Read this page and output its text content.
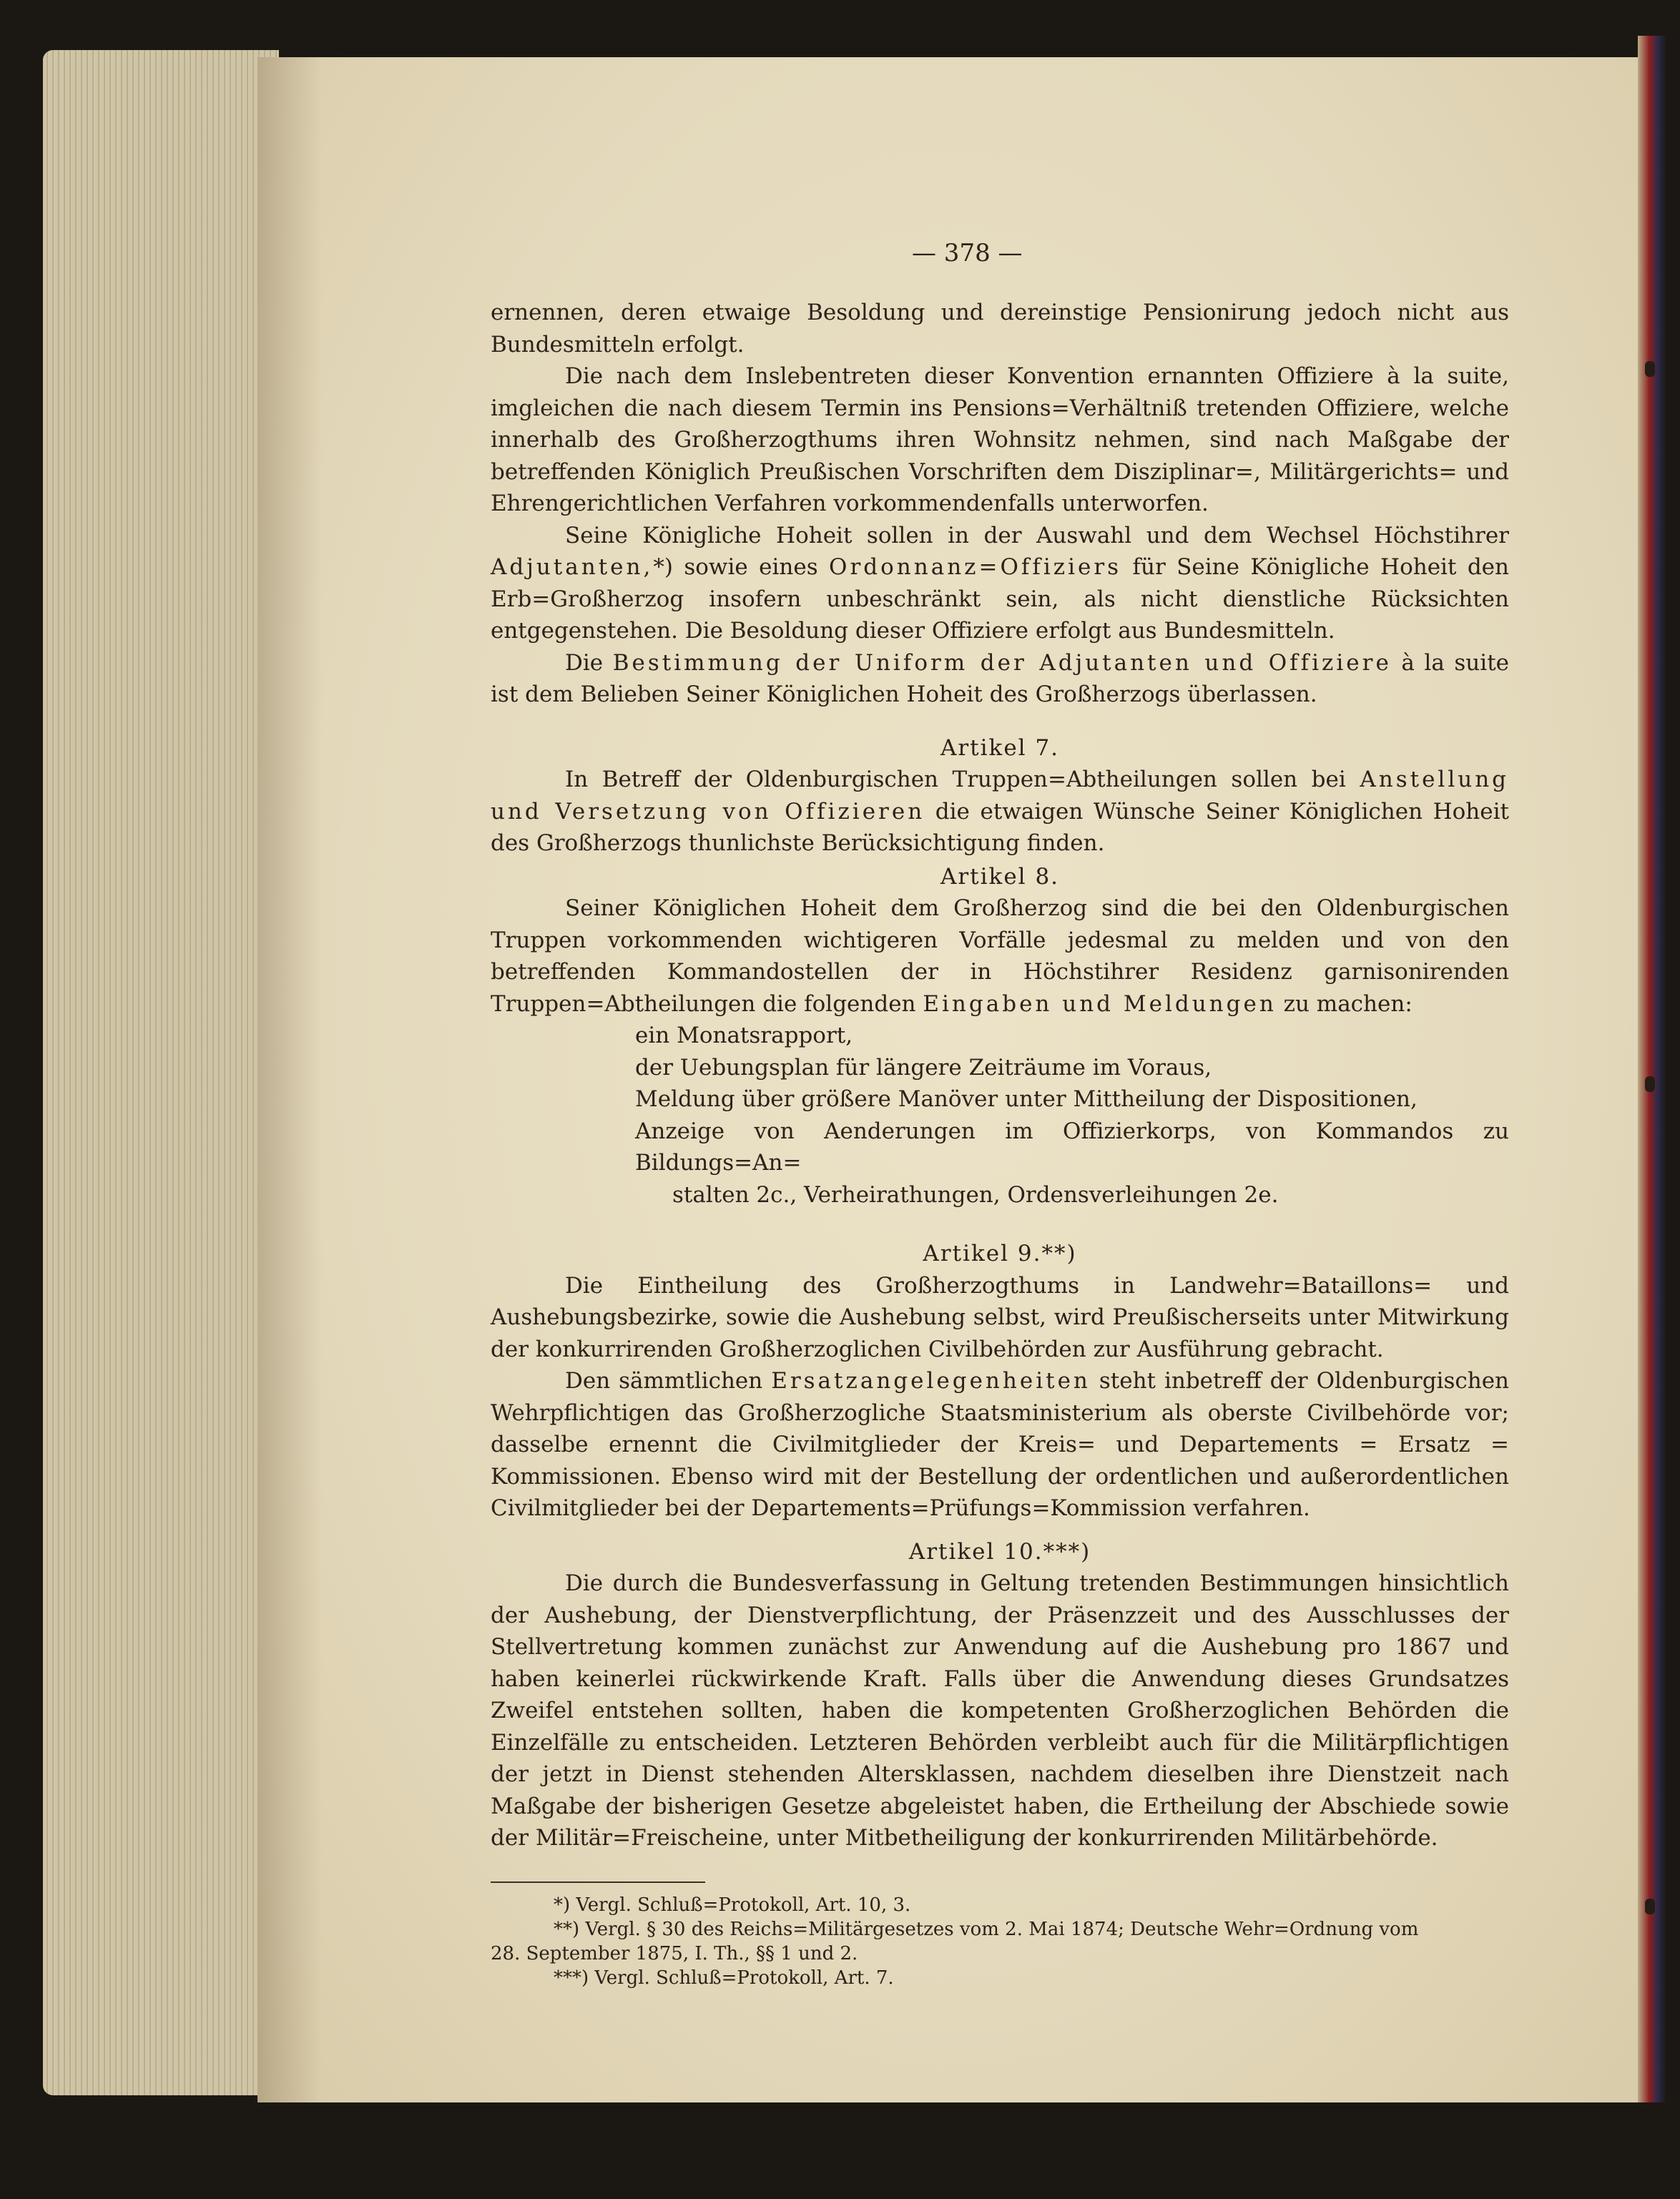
— 378 —

ernennen, deren etwaige Besoldung und dereinstige Pensionirung jedoch nicht aus Bundesmitteln erfolgt.

Die nach dem Inslebentreten dieser Konvention ernannten Offiziere à la suite, imgleichen die nach diesem Termin ins Pensions=Verhältniß tretenden Offiziere, welche innerhalb des Großherzogthums ihren Wohnsitz nehmen, sind nach Maßgabe der betreffenden Königlich Preußischen Vorschriften dem Disziplinar=, Militärgerichts= und Ehrengerichtlichen Verfahren vorkommendenfalls unterworfen.

Seine Königliche Hoheit sollen in der Auswahl und dem Wechsel Höchstihrer Adjutanten,*) sowie eines Ordonnanz=Offiziers für Seine Königliche Hoheit den Erb=Großherzog insofern unbeschränkt sein, als nicht dienstliche Rücksichten entgegenstehen. Die Besoldung dieser Offiziere erfolgt aus Bundesmitteln.

Die Bestimmung der Uniform der Adjutanten und Offiziere à la suite ist dem Belieben Seiner Königlichen Hoheit des Großherzogs überlassen.

Artikel 7.

In Betreff der Oldenburgischen Truppen=Abtheilungen sollen bei Anstellung und Versetzung von Offizieren die etwaigen Wünsche Seiner Königlichen Hoheit des Großherzogs thunlichste Berücksichtigung finden.

Artikel 8.

Seiner Königlichen Hoheit dem Großherzog sind die bei den Oldenburgischen Truppen vorkommenden wichtigeren Vorfälle jedesmal zu melden und von den betreffenden Kommandostellen der in Höchstihrer Residenz garnisonirenden Truppen=Abtheilungen die folgenden Eingaben und Meldungen zu machen:

ein Monatsrapport,
der Uebungsplan für längere Zeiträume im Voraus,
Meldung über größere Manöver unter Mittheilung der Dispositionen,
Anzeige von Aenderungen im Offizierkorps, von Kommandos zu Bildungs=An=
stalten 2c., Verheirathungen, Ordensverleihungen 2e.
Artikel 9.**)

Die Eintheilung des Großherzogthums in Landwehr=Bataillons= und Aushebungsbezirke, sowie die Aushebung selbst, wird Preußischerseits unter Mitwirkung der konkurrirenden Großherzoglichen Civilbehörden zur Ausführung gebracht.

Den sämmtlichen Ersatzangelegenheiten steht inbetreff der Oldenburgischen Wehrpflichtigen das Großherzogliche Staatsministerium als oberste Civilbehörde vor; dasselbe ernennt die Civilmitglieder der Kreis= und Departements = Ersatz = Kommissionen. Ebenso wird mit der Bestellung der ordentlichen und außerordentlichen Civilmitglieder bei der Departements=Prüfungs=Kommission verfahren.

Artikel 10.***)

Die durch die Bundesverfassung in Geltung tretenden Bestimmungen hinsichtlich der Aushebung, der Dienstverpflichtung, der Präsenzzeit und des Ausschlusses der Stellvertretung kommen zunächst zur Anwendung auf die Aushebung pro 1867 und haben keinerlei rückwirkende Kraft. Falls über die Anwendung dieses Grundsatzes Zweifel entstehen sollten, haben die kompetenten Großherzoglichen Behörden die Einzelfälle zu entscheiden. Letzteren Behörden verbleibt auch für die Militärpflichtigen der jetzt in Dienst stehenden Altersklassen, nachdem dieselben ihre Dienstzeit nach Maßgabe der bisherigen Gesetze abgeleistet haben, die Ertheilung der Abschiede sowie der Militär=Freischeine, unter Mitbetheiligung der konkurrirenden Militärbehörde.

*) Vergl. Schluß=Protokoll, Art. 10, 3.

**) Vergl. § 30 des Reichs=Militärgesetzes vom 2. Mai 1874; Deutsche Wehr=Ordnung vom

28. September 1875, I. Th., §§ 1 und 2.

***) Vergl. Schluß=Protokoll, Art. 7.
